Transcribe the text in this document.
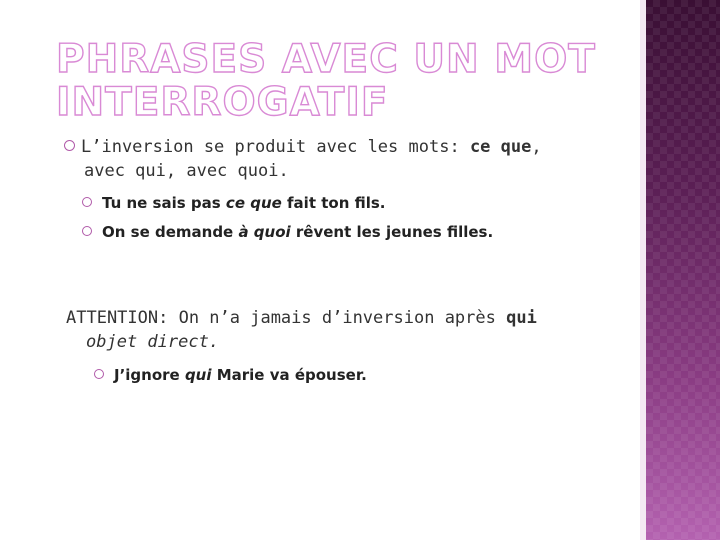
PHRASES AVEC UN MOT
INTERROGATIF
L’inversion se produit avec les mots: ce que,
avec qui, avec quoi.
Tu ne sais pas ce que fait ton fils.
On se demande à quoi rêvent les jeunes filles.
ATTENTION: On n’a jamais d’inversion après qui
objet direct.
J’ignore qui Marie va épouser.
